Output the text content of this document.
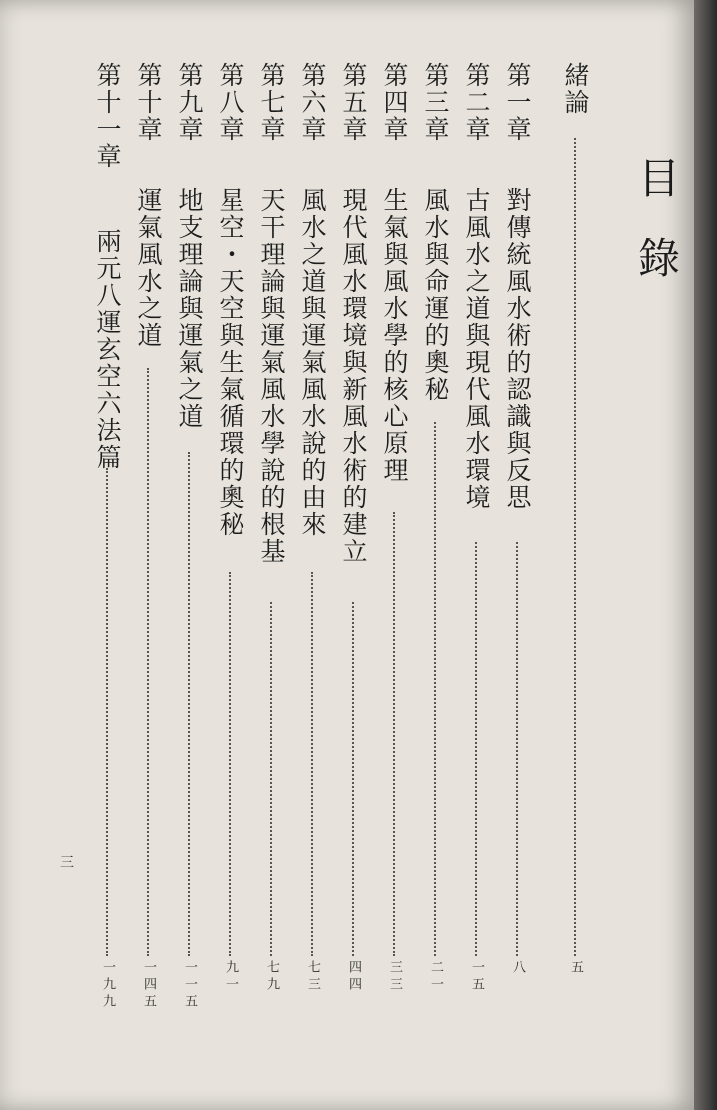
目
錄
緒論
五
第一章
對傳統風水術的認識與反思
八
第二章
古風水之道與現代風水環境
一五
第三章
風水與命運的奧秘
二一
第四章
生氣與風水學的核心原理
三三
第五章
現代風水環境與新風水術的建立
四四
第六章
風水之道與運氣風水說的由來
七三
第七章
天干理論與運氣風水學說的根基
七九
第八章
星空・天空與生氣循環的奧秘
九一
第九章
地支理論與運氣之道
一一五
第十章
運氣風水之道
一四五
第十一章
兩元八運玄空六法篇
一九九
三
